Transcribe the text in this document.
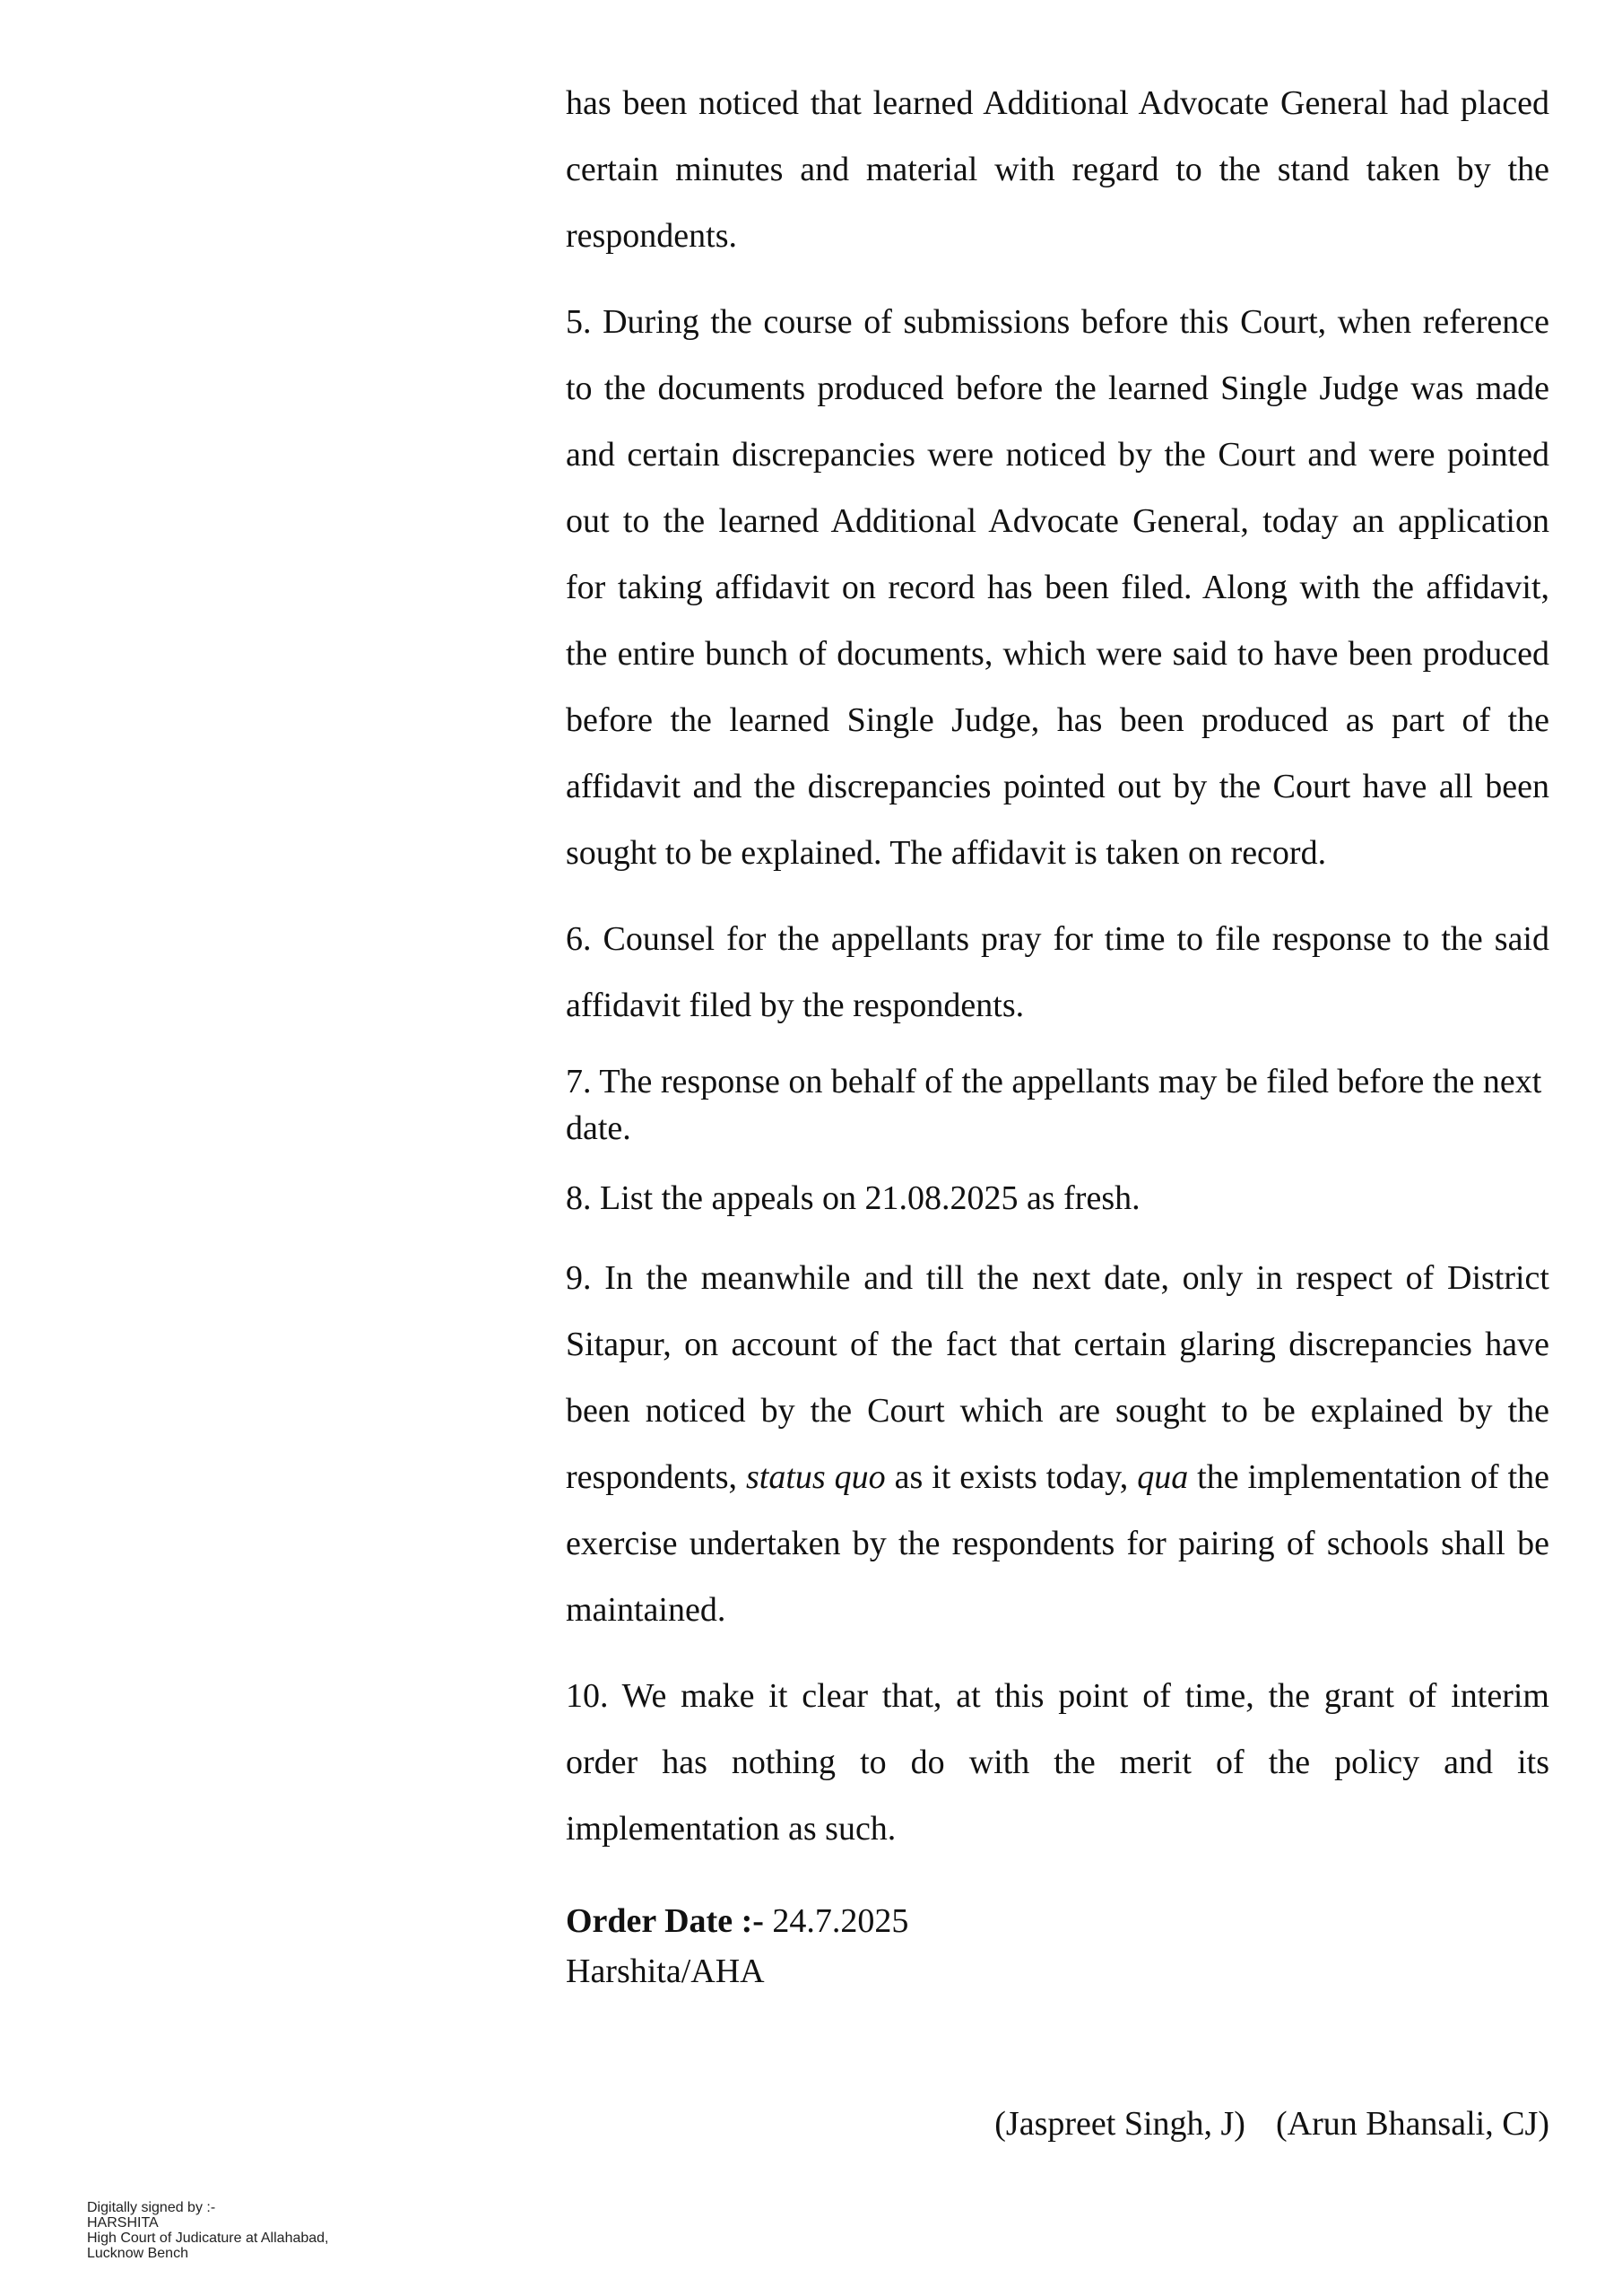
has been noticed that learned Additional Advocate General had placed certain minutes and material with regard to the stand taken by the respondents.

5. During the course of submissions before this Court, when reference to the documents produced before the learned Single Judge was made and certain discrepancies were noticed by the Court and were pointed out to the learned Additional Advocate General, today an application for taking affidavit on record has been filed. Along with the affidavit, the entire bunch of documents, which were said to have been produced before the learned Single Judge, has been produced as part of the affidavit and the discrepancies pointed out by the Court have all been sought to be explained. The affidavit is taken on record.

6. Counsel for the appellants pray for time to file response to the said affidavit filed by the respondents.

7. The response on behalf of the appellants may be filed before the next date.

8. List the appeals on 21.08.2025 as fresh.

9. In the meanwhile and till the next date, only in respect of District Sitapur, on account of the fact that certain glaring discrepancies have been noticed by the Court which are sought to be explained by the respondents, status quo as it exists today, qua the implementation of the exercise undertaken by the respondents for pairing of schools shall be maintained.

10. We make it clear that, at this point of time, the grant of interim order has nothing to do with the merit of the policy and its implementation as such.

Order Date :- 24.7.2025

Harshita/AHA

(Jaspreet Singh, J) (Arun Bhansali, CJ)
Digitally signed by :-
HARSHITA
High Court of Judicature at Allahabad,
Lucknow Bench
